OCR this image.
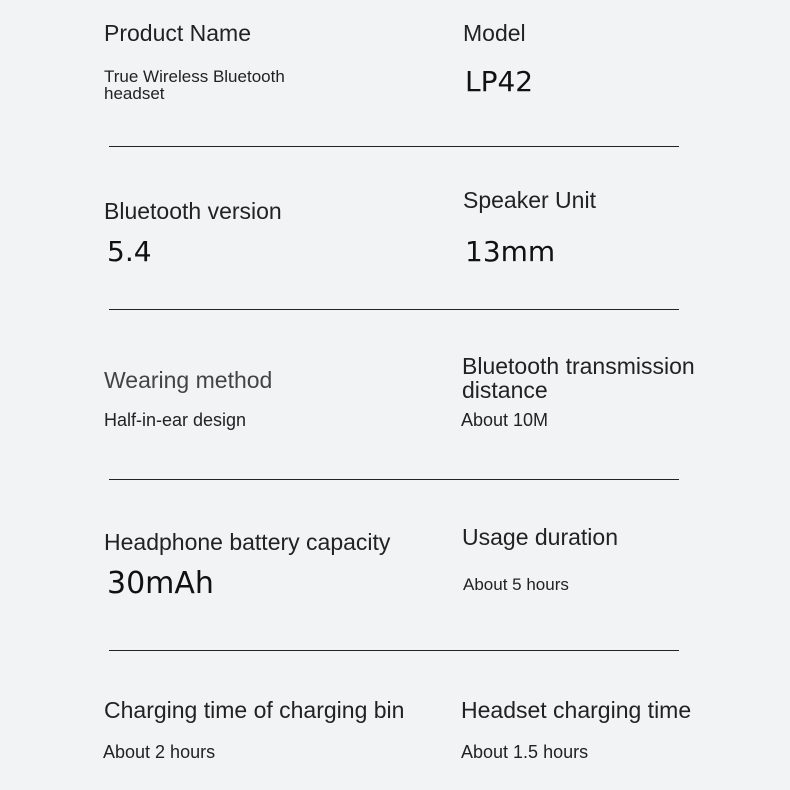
Product Name
True Wireless Bluetooth
headset
Model
LP42
Bluetooth version
5.4
Speaker Unit
13mm
Wearing method
Half-in-ear design
Bluetooth transmission
distance
About 10M
Headphone battery capacity
30mAh
Usage duration
About 5 hours
Charging time of charging bin
About 2 hours
Headset charging time
About 1.5 hours
